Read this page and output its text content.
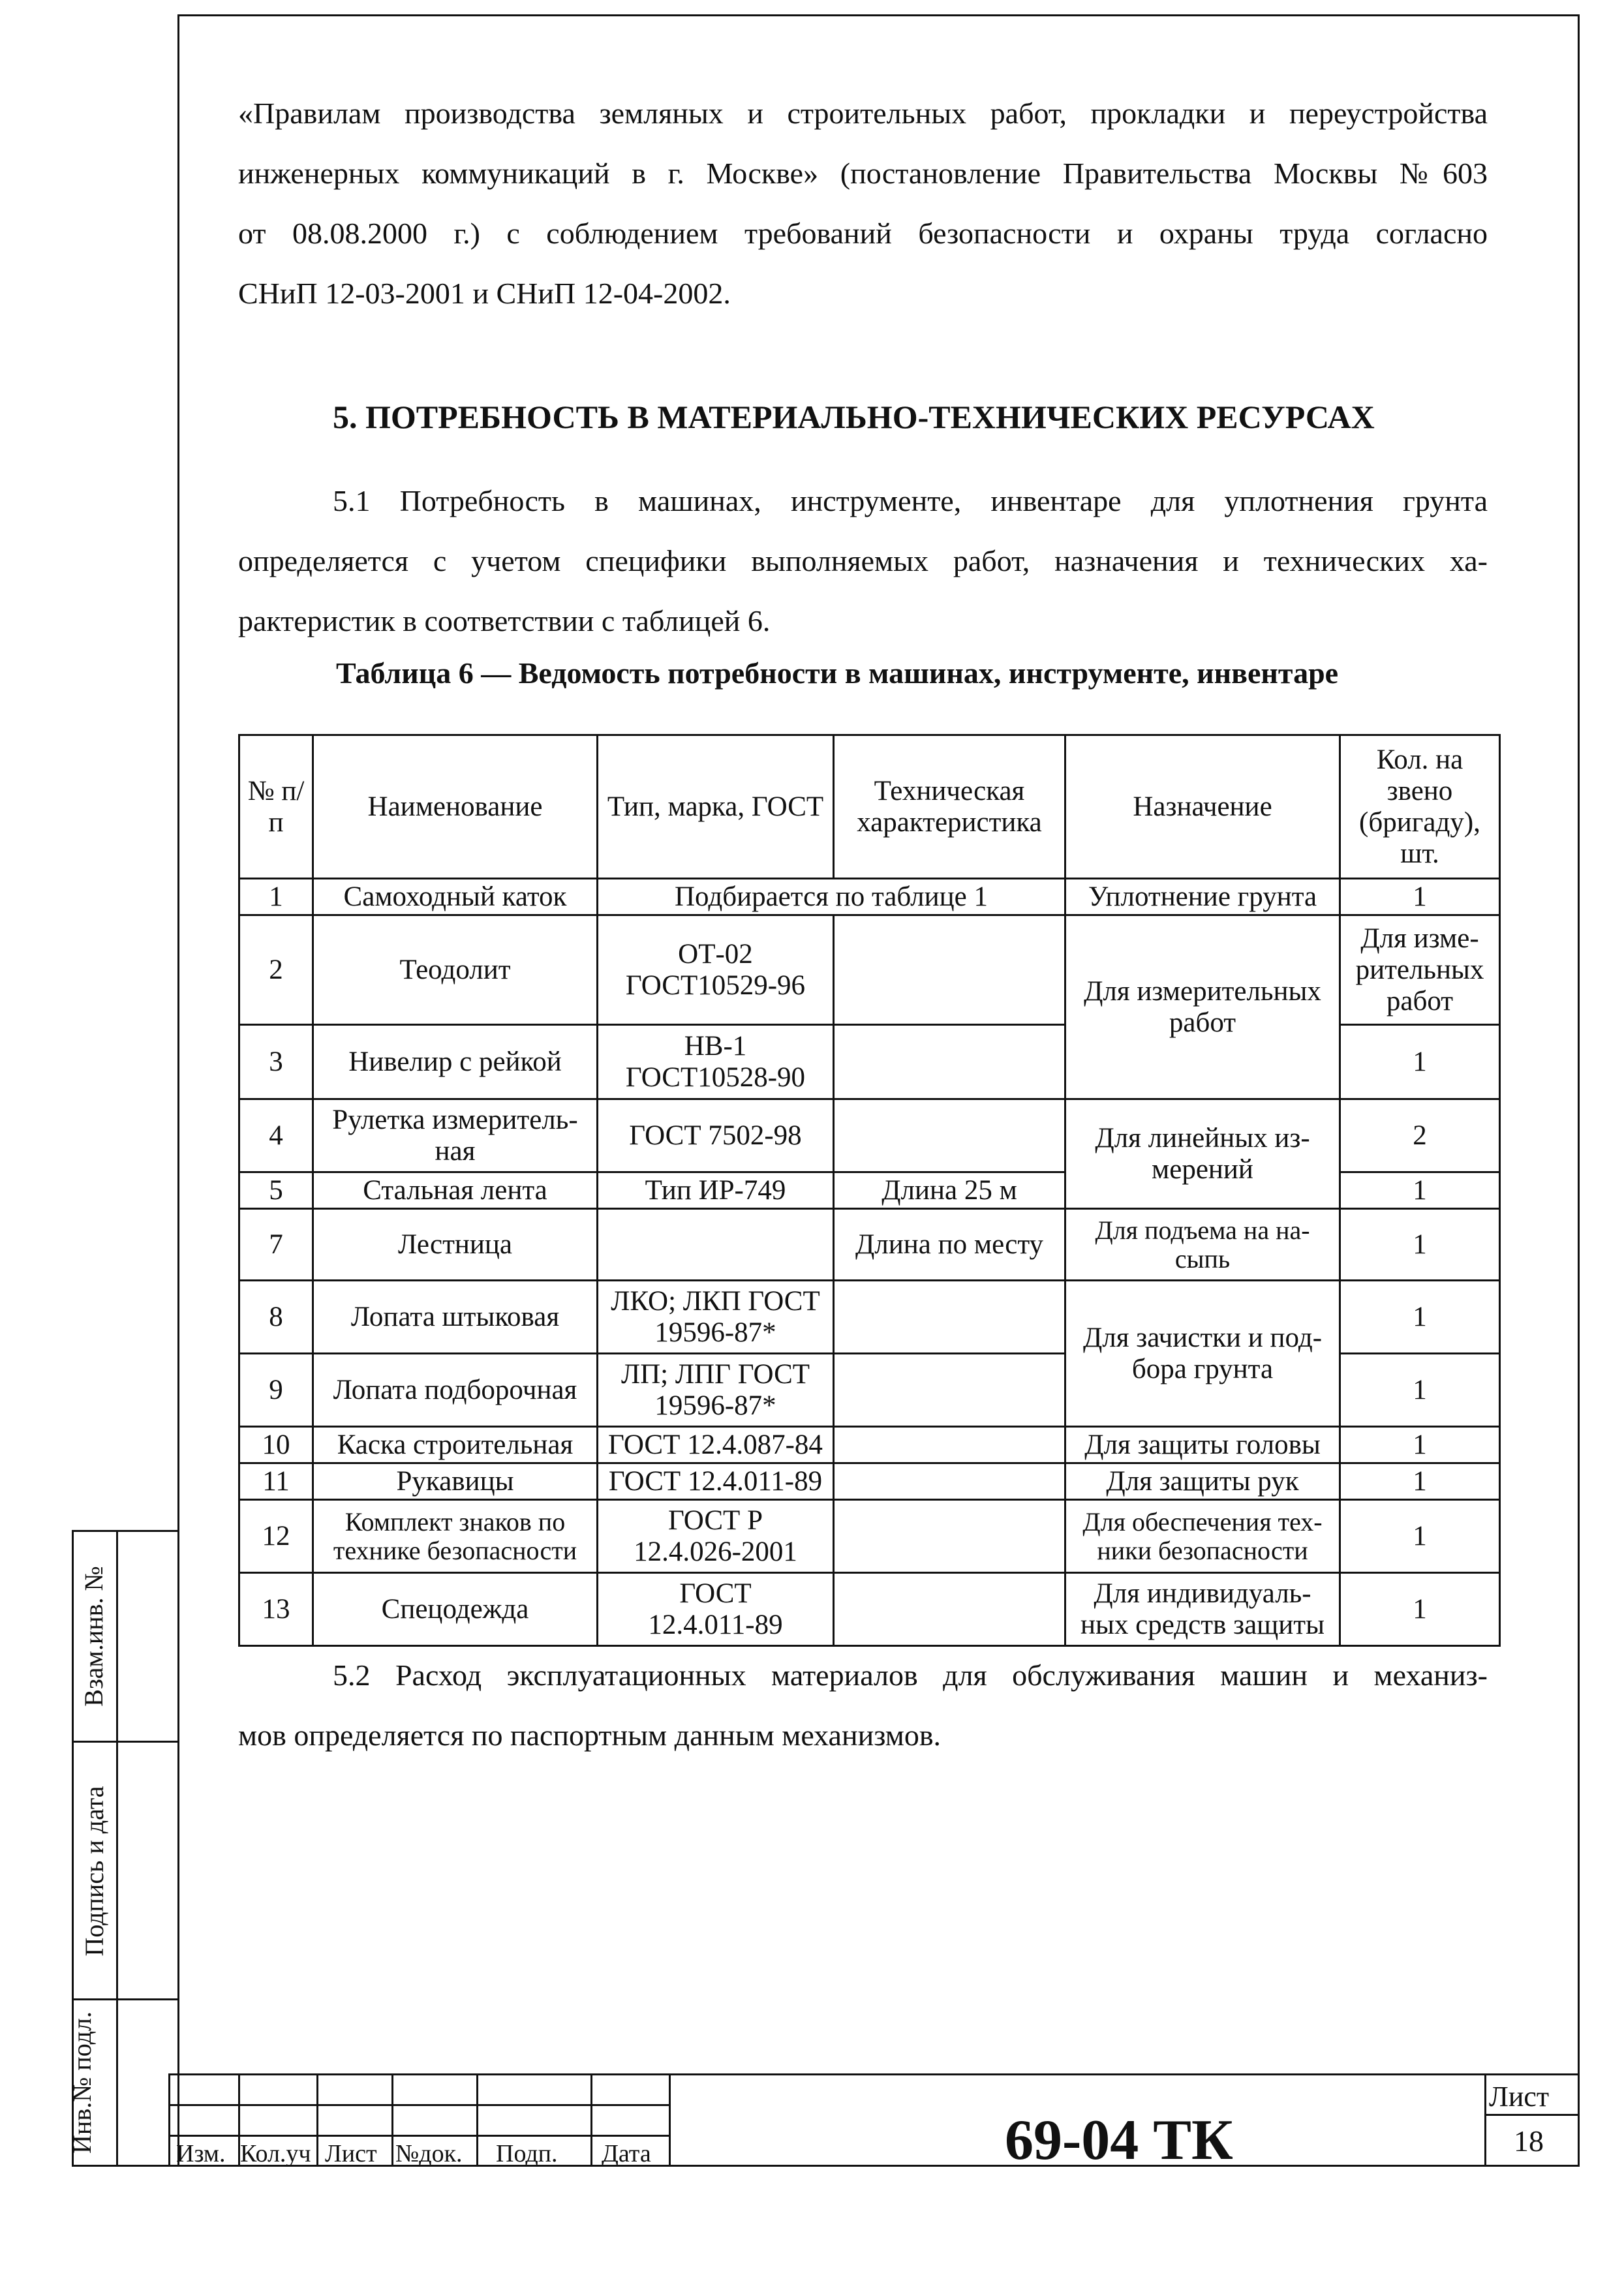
«Правилам производства земляных и строительных работ, прокладки и переустройства
инженерных коммуникаций в г. Москве» (постановление Правительства Москвы №603
от 08.08.2000 г.) с соблюдением требований безопасности и охраны труда согласно
СНиП 12-03-2001 и СНиП 12-04-2002.
5. ПОТРЕБНОСТЬ В МАТЕРИАЛЬНО-ТЕХНИЧЕСКИХ РЕСУРСАХ
5.1 Потребность в машинах, инструменте, инвентаре для уплотнения грунта
определяется с учетом специфики выполняемых работ, назначения и технических ха-
рактеристик в соответствии с таблицей 6.
Таблица 6 — Ведомость потребности в машинах, инструменте, инвентаре
№ п/п	Наименование	Тип, марка, ГОСТ	Техническая характеристика	Назначение	Кол. на звено (бригаду), шт.
1	Самоходный каток	Подбирается по таблице 1		Уплотнение грунта	1
2	Теодолит	ОТ-02 ГОСТ10529-96		Для измерительных работ	Для изме-рительных работ
3	Нивелир с рейкой	НВ-1 ГОСТ10528-90			1
4	Рулетка измеритель-ная	ГОСТ 7502-98		Для линейных из-мерений	2
5	Стальная лента	Тип ИР-749	Длина 25 м		1
7	Лестница		Длина по месту	Для подъема на на-сыпь	1
8	Лопата штыковая	ЛКО; ЛКП ГОСТ 19596-87*		Для зачистки и под-бора грунта	1
9	Лопата подборочная	ЛП; ЛПГ ГОСТ 19596-87*			1
10	Каска строительная	ГОСТ 12.4.087-84		Для защиты головы	1
11	Рукавицы	ГОСТ 12.4.011-89		Для защиты рук	1
12	Комплект знаков по технике безопасности	ГОСТ Р 12.4.026-2001		Для обеспечения тех-ники безопасности	1
13	Спецодежда	ГОСТ 12.4.011-89		Для индивидуаль-ных средств защиты	1
5.2 Расход эксплуатационных материалов для обслуживания машин и механиз-
мов определяется по паспортным данным механизмов.
Взам.инв. №
Подпись и дата
Инв.№ подл.
Изм. Кол.уч Лист №док. Подп. Дата	69-04 ТК
Лист
18
